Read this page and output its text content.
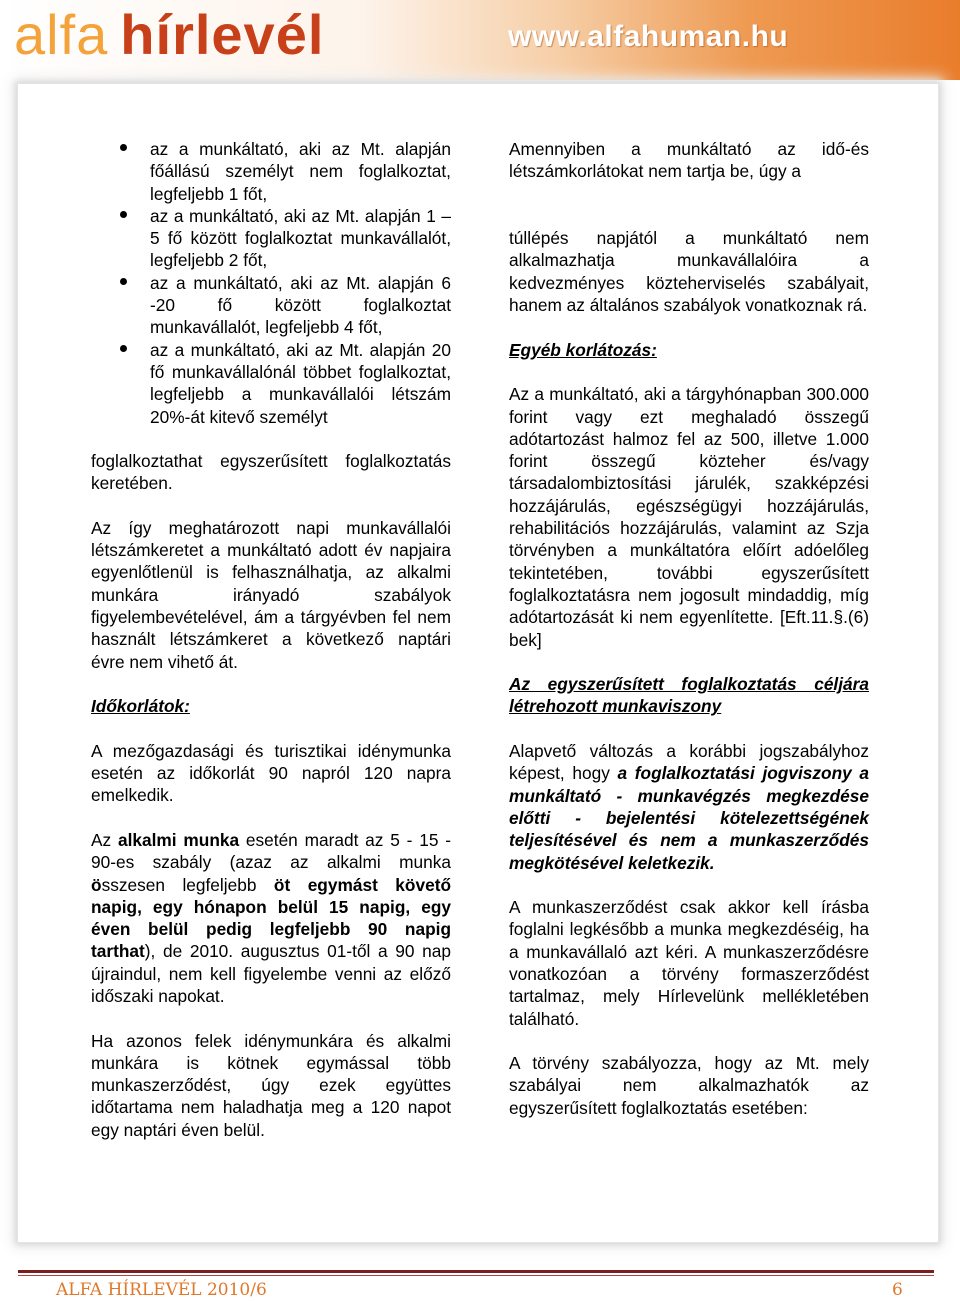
alfa hírlevél	www.alfahuman.hu
az a munkáltató, aki az Mt. alapján főállású személyt nem foglalkoztat, legfeljebb 1 főt,
az a munkáltató, aki az Mt. alapján 1 – 5 fő között foglalkoztat munkavállalót, legfeljebb 2 főt,
az a munkáltató, aki az Mt. alapján 6 -20 fő között foglalkoztat munkavállalót, legfeljebb 4 főt,
az a munkáltató, aki az Mt. alapján 20 fő munkavállalónál többet foglalkoztat, legfeljebb a munkavállalói létszám 20%-át kitevő személyt

foglalkoztathat egyszerűsített foglalkoztatás keretében.

Az így meghatározott napi munkavállalói létszámkeretet a munkáltató adott év napjaira egyenlőtlenül is felhasználhatja, az alkalmi munkára irányadó szabályok figyelembevételével, ám a tárgyévben fel nem használt létszámkeret a következő naptári évre nem vihető át.

Időkorlátok:

A mezőgazdasági és turisztikai idénymunka esetén az időkorlát 90 napról 120 napra emelkedik.

Az alkalmi munka esetén maradt az 5 - 15 - 90-es szabály (azaz az alkalmi munka összesen legfeljebb öt egymást követő napig, egy hónapon belül 15 napig, egy éven belül pedig legfeljebb 90 napig tarthat), de 2010. augusztus 01-től a 90 nap újraindul, nem kell figyelembe venni az előző időszaki napokat.

Ha azonos felek idénymunkára és alkalmi munkára is kötnek egymással több munkaszerződést, úgy ezek együttes időtartama nem haladhatja meg a 120 napot egy naptári éven belül.

Amennyiben a munkáltató az idő-és létszámkorlátokat nem tartja be, úgy a

túllépés napjától a munkáltató nem alkalmazhatja munkavállalóira a kedvezményes közteherviselés szabályait, hanem az általános szabályok vonatkoznak rá.

Egyéb korlátozás:

Az a munkáltató, aki a tárgyhónapban 300.000 forint vagy ezt meghaladó összegű adótartozást halmoz fel az 500, illetve 1.000 forint összegű közteher és/vagy társadalombiztosítási járulék, szakképzési hozzájárulás, egészségügyi hozzájárulás, rehabilitációs hozzájárulás, valamint az Szja törvényben a munkáltatóra előírt adóelőleg tekintetében, további egyszerűsített foglalkoztatásra nem jogosult mindaddig, míg adótartozását ki nem egyenlítette. [Eft.11.§.(6) bek]

Az egyszerűsített foglalkoztatás céljára létrehozott munkaviszony

Alapvető változás a korábbi jogszabályhoz képest, hogy a foglalkoztatási jogviszony a munkáltató - munkavégzés megkezdése előtti - bejelentési kötelezettségének teljesítésével és nem a munkaszerződés megkötésével keletkezik.

A munkaszerződést csak akkor kell írásba foglalni legkésőbb a munka megkezdéséig, ha a munkavállaló azt kéri. A munkaszerződésre vonatkozóan a törvény formaszerződést tartalmaz, mely Hírlevelünk mellékletében található.

A törvény szabályozza, hogy az Mt. mely szabályai nem alkalmazhatók az egyszerűsített foglalkoztatás esetében:

ALFA HÍRLEVÉL 2010/6	6
